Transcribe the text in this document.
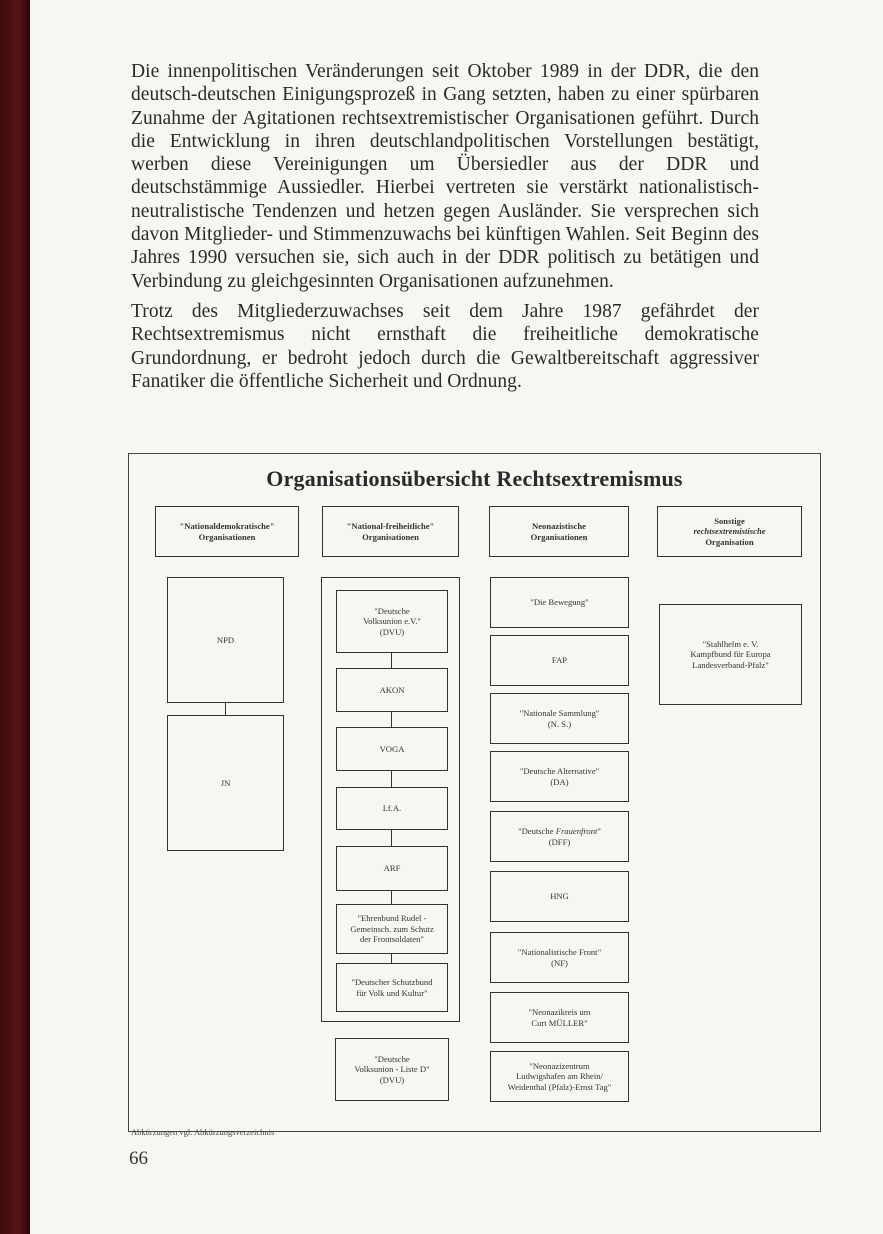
Die innenpolitischen Veränderungen seit Oktober 1989 in der DDR, die den deutsch-deutschen Einigungsprozeß in Gang setzten, haben zu einer spürbaren Zunahme der Agitationen rechtsextremistischer Organisationen geführt. Durch die Entwicklung in ihren deutschlandpolitischen Vorstellungen bestätigt, werben diese Vereinigungen um Übersiedler aus der DDR und deutschstämmige Aussiedler. Hierbei vertreten sie verstärkt nationalistisch-neutralistische Tendenzen und hetzen gegen Ausländer. Sie versprechen sich davon Mitglieder- und Stimmenzuwachs bei künftigen Wahlen. Seit Beginn des Jahres 1990 versuchen sie, sich auch in der DDR politisch zu betätigen und Verbindung zu gleichgesinnten Organisationen aufzunehmen.

Trotz des Mitgliederzuwachses seit dem Jahre 1987 gefährdet der Rechtsextremismus nicht ernsthaft die freiheitliche demokratische Grundordnung, er bedroht jedoch durch die Gewaltbereitschaft aggressiver Fanatiker die öffentliche Sicherheit und Ordnung.

Organisationsübersicht Rechtsextremismus
"Nationaldemokratische"
Organisationen
"National-freiheitliche"
Organisationen
Neonazistische
Organisationen
Sonstige
rechtsextremistische
Organisation
NPD
JN
"Deutsche
Volksunion e.V."
(DVU)
AKON
VOGA
I.f.A.
ARF
"Ehrenbund Rudel -
Gemeinsch. zum Schutz
der Frontsoldaten"
"Deutscher Schutzbund
für Volk und Kultur"
"Deutsche
Volksunion - Liste D"
(DVU)
"Die Bewegung"
FAP
"Nationale Sammlung"
(N. S.)
"Deutsche Alternative"
(DA)
"Deutsche Frauenfront"
(DFF)
HNG
"Nationalistische Front"
(NF)
"Neonazikreis um
Curt MÜLLER"
"Neonazizentrum
Ludwigshafen am Rhein/
Weidenthal (Pfalz)-Ernst Tag"
"Stahlhelm e. V.
Kampfbund für Europa
Landesverband-Pfalz"
Abkürzungen vgl. Abkürzungsverzeichnis
66
